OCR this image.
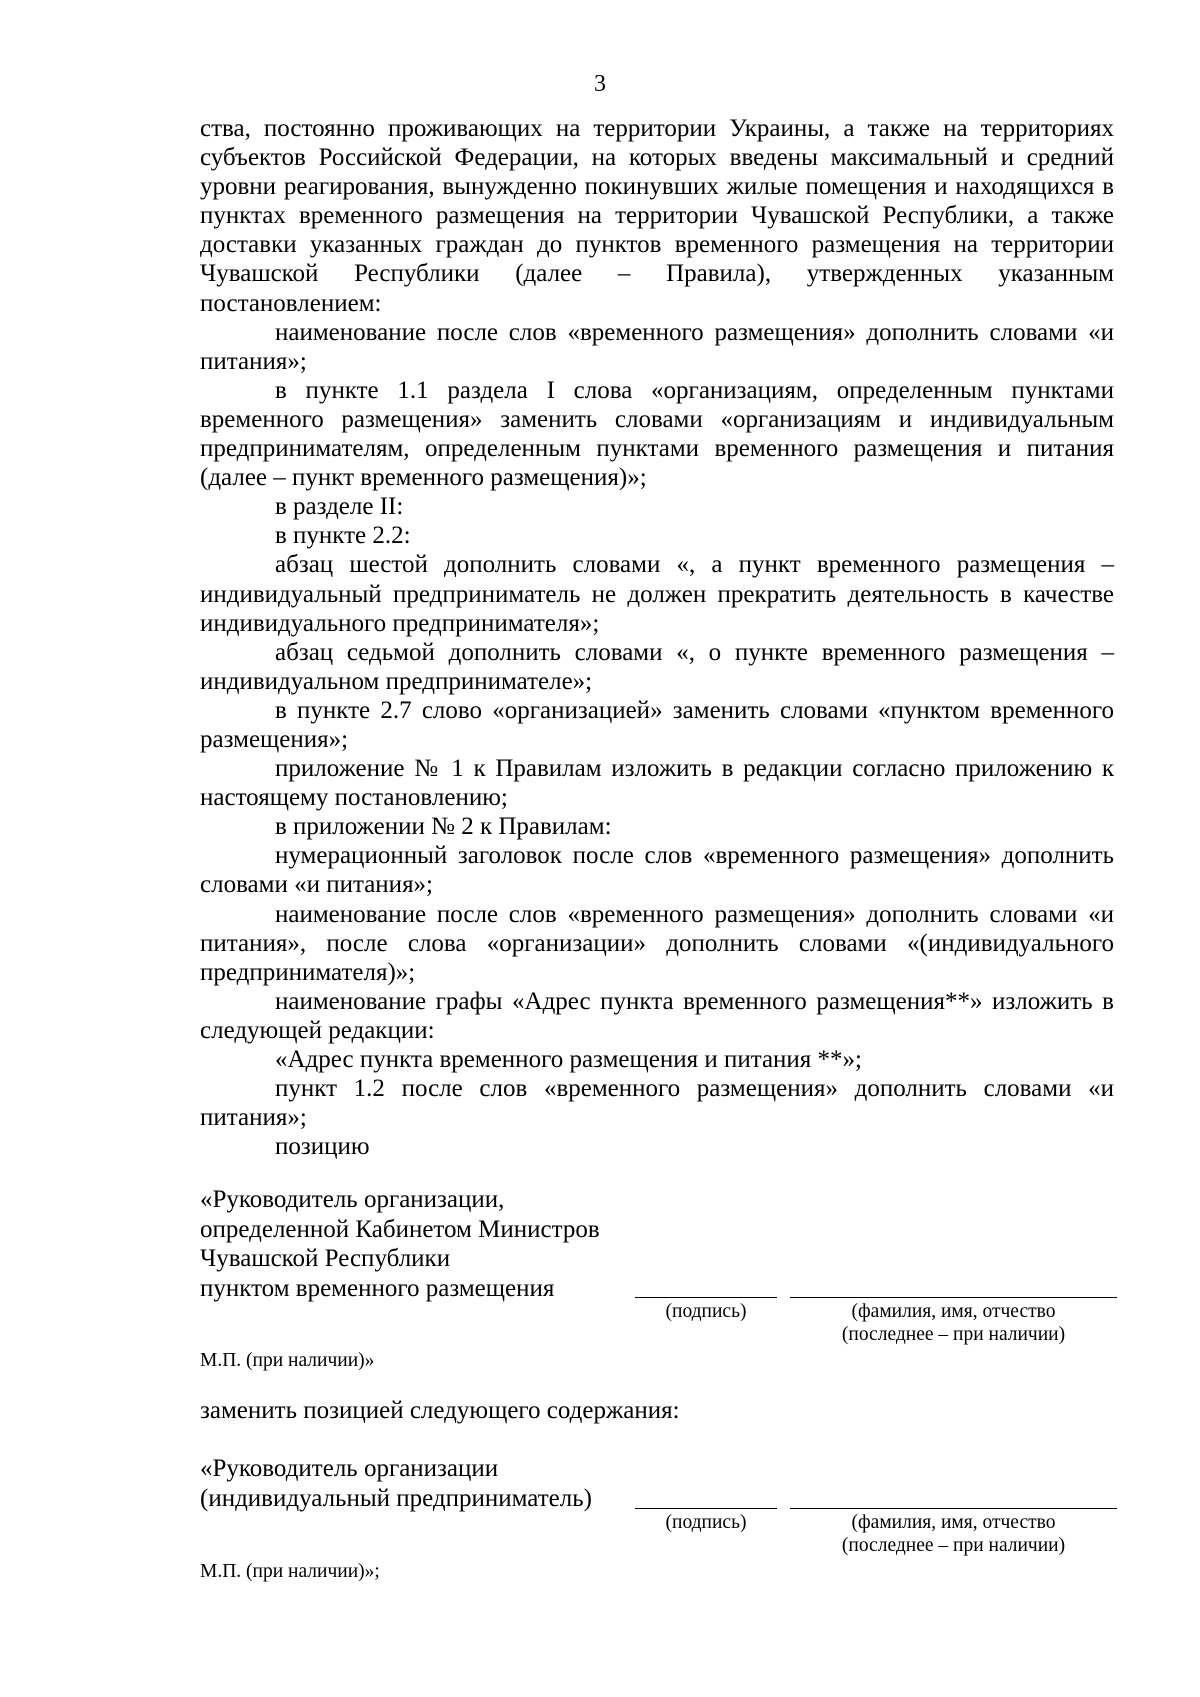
3

ства, постоянно проживающих на территории Украины, а также на территориях субъектов Российской Федерации, на которых введены максимальный и средний уровни реагирования, вынужденно покинувших жилые помещения и находящихся в пунктах временного размещения на территории Чувашской Республики, а также доставки указанных граждан до пунктов временного размещения на территории Чувашской Республики (далее – Правила), утвержденных указанным постановлением:

наименование после слов «временного размещения» дополнить словами «и питания»;

в пункте 1.1 раздела I слова «организациям, определенным пунктами временного размещения» заменить словами «организациям и индивидуальным предпринимателям, определенным пунктами временного размещения и питания (далее – пункт временного размещения)»;

в разделе II:

в пункте 2.2:

абзац шестой дополнить словами «, а пункт временного размещения – индивидуальный предприниматель не должен прекратить деятельность в качестве индивидуального предпринимателя»;

абзац седьмой дополнить словами «, о пункте временного размещения – индивидуальном предпринимателе»;

в пункте 2.7 слово «организацией» заменить словами «пунктом временного размещения»;

приложение № 1 к Правилам изложить в редакции согласно приложению к настоящему постановлению;

в приложении № 2 к Правилам:

нумерационный заголовок после слов «временного размещения» дополнить словами «и питания»;

наименование после слов «временного размещения» дополнить словами «и питания», после слова «организации» дополнить словами «(индивидуального предпринимателя)»;

наименование графы «Адрес пункта временного размещения**» изложить в следующей редакции:

«Адрес пункта временного размещения и питания **»;

пункт 1.2 после слов «временного размещения» дополнить словами «и питания»;

позицию

«Руководитель организации,
определенной Кабинетом Министров
Чувашской Республики
пунктом временного размещения
(подпись)	(фамилия, имя, отчество
(последнее – при наличии)
М.П. (при наличии)»
заменить позицией следующего содержания:
«Руководитель организации
(индивидуальный предприниматель)
(подпись)	(фамилия, имя, отчество
(последнее – при наличии)
М.П. (при наличии)»;
